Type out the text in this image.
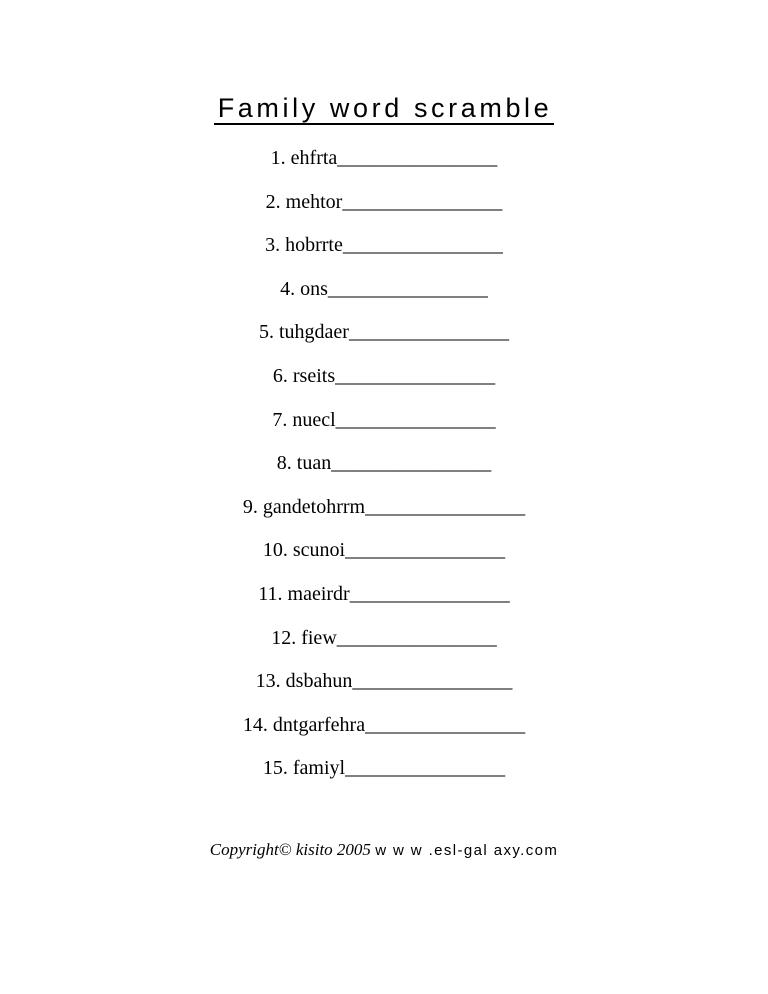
Family word scramble
1. ehfrta________________
2. mehtor________________
3. hobrrte________________
4. ons________________
5. tuhgdaer________________
6. rseits________________
7. nuecl________________
8. tuan________________
9. gandetohrrm________________
10. scunoi________________
11. maeirdr________________
12. fiew________________
13. dsbahun________________
14. dntgarfehra________________
15. famiyl________________
Copyright© kisito 2005 w w w .esl-gal axy.com
